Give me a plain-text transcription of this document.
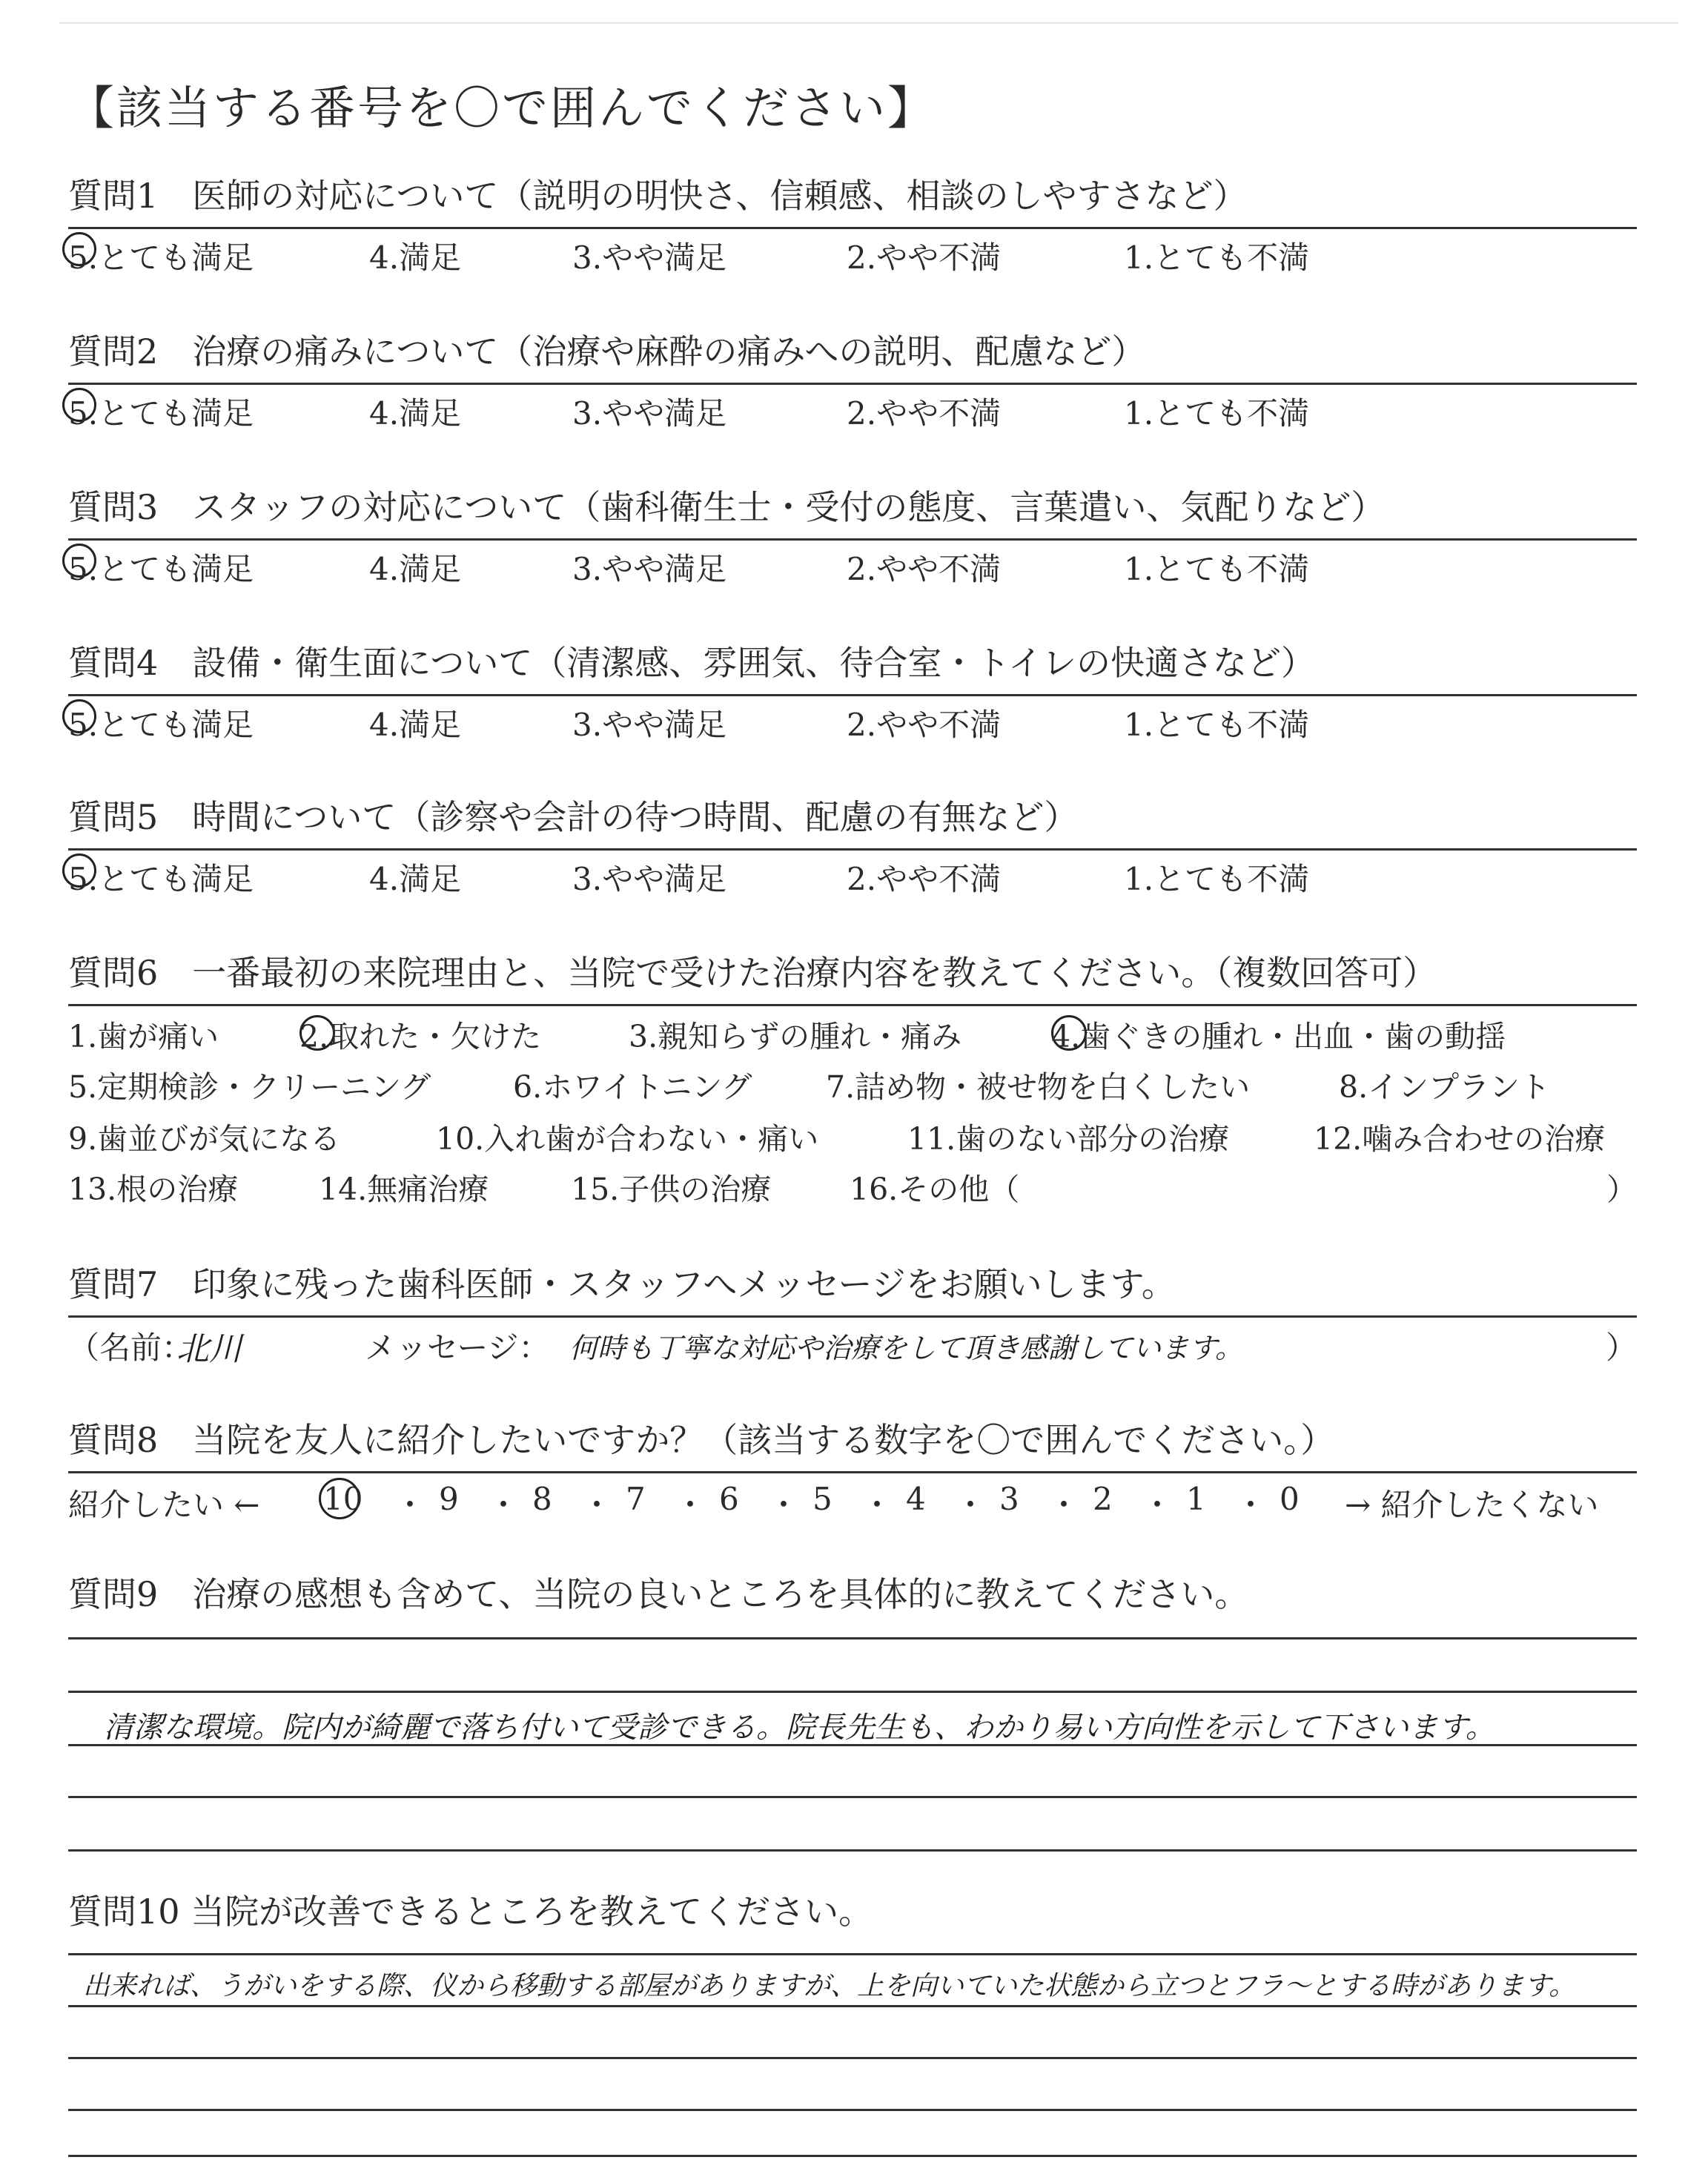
【該当する番号を〇で囲んでください】
質問1　医師の対応について（説明の明快さ、信頼感、相談のしやすさなど）
5.とても満足	4.満足	3.やや満足	2.やや不満	1.とても不満
質問2　治療の痛みについて（治療や麻酔の痛みへの説明、配慮など）
5.とても満足	4.満足	3.やや満足	2.やや不満	1.とても不満
質問3　スタッフの対応について（歯科衛生士・受付の態度、言葉遣い、気配りなど）
5.とても満足	4.満足	3.やや満足	2.やや不満	1.とても不満
質問4　設備・衛生面について（清潔感、雰囲気、待合室・トイレの快適さなど）
5.とても満足	4.満足	3.やや満足	2.やや不満	1.とても不満
質問5　時間について（診察や会計の待つ時間、配慮の有無など）
5.とても満足	4.満足	3.やや満足	2.やや不満	1.とても不満
質問6　一番最初の来院理由と、当院で受けた治療内容を教えてください。（複数回答可）
1.歯が痛い	2.取れた・欠けた	3.親知らずの腫れ・痛み	4.歯ぐきの腫れ・出血・歯の動揺
5.定期検診・クリーニング	6.ホワイトニング 7.詰め物・被せ物を白くしたい	8.インプラント
9.歯並びが気になる	10.入れ歯が合わない・痛い	11.歯のない部分の治療	12.噛み合わせの治療
13.根の治療	14.無痛治療	15.子供の治療	16.その他（	）
質問7　印象に残った歯科医師・スタッフへメッセージをお願いします。
（名前：
北川	メッセージ： 何時も丁寧な対応や治療をして頂き感謝しています。	）
質問8　当院を友人に紹介したいですか？（該当する数字を〇で囲んでください。）
紹介したい ← 10 ・ 9 ・ 8 ・ 7 ・ 6 ・ 5 ・ 4 ・ 3 ・ 2 ・ 1 ・ 0 → 紹介したくない
質問9　治療の感想も含めて、当院の良いところを具体的に教えてください。
清潔な環境。院内が綺麗で落ち付いて受診できる。院長先生も、わかり易い方向性を示して下さいます。
質問10 当院が改善できるところを教えてください。
出来れば、うがいをする際、仪から移動する部屋がありますが、上を向いていた状態から立つとフラ～とする時があります。
